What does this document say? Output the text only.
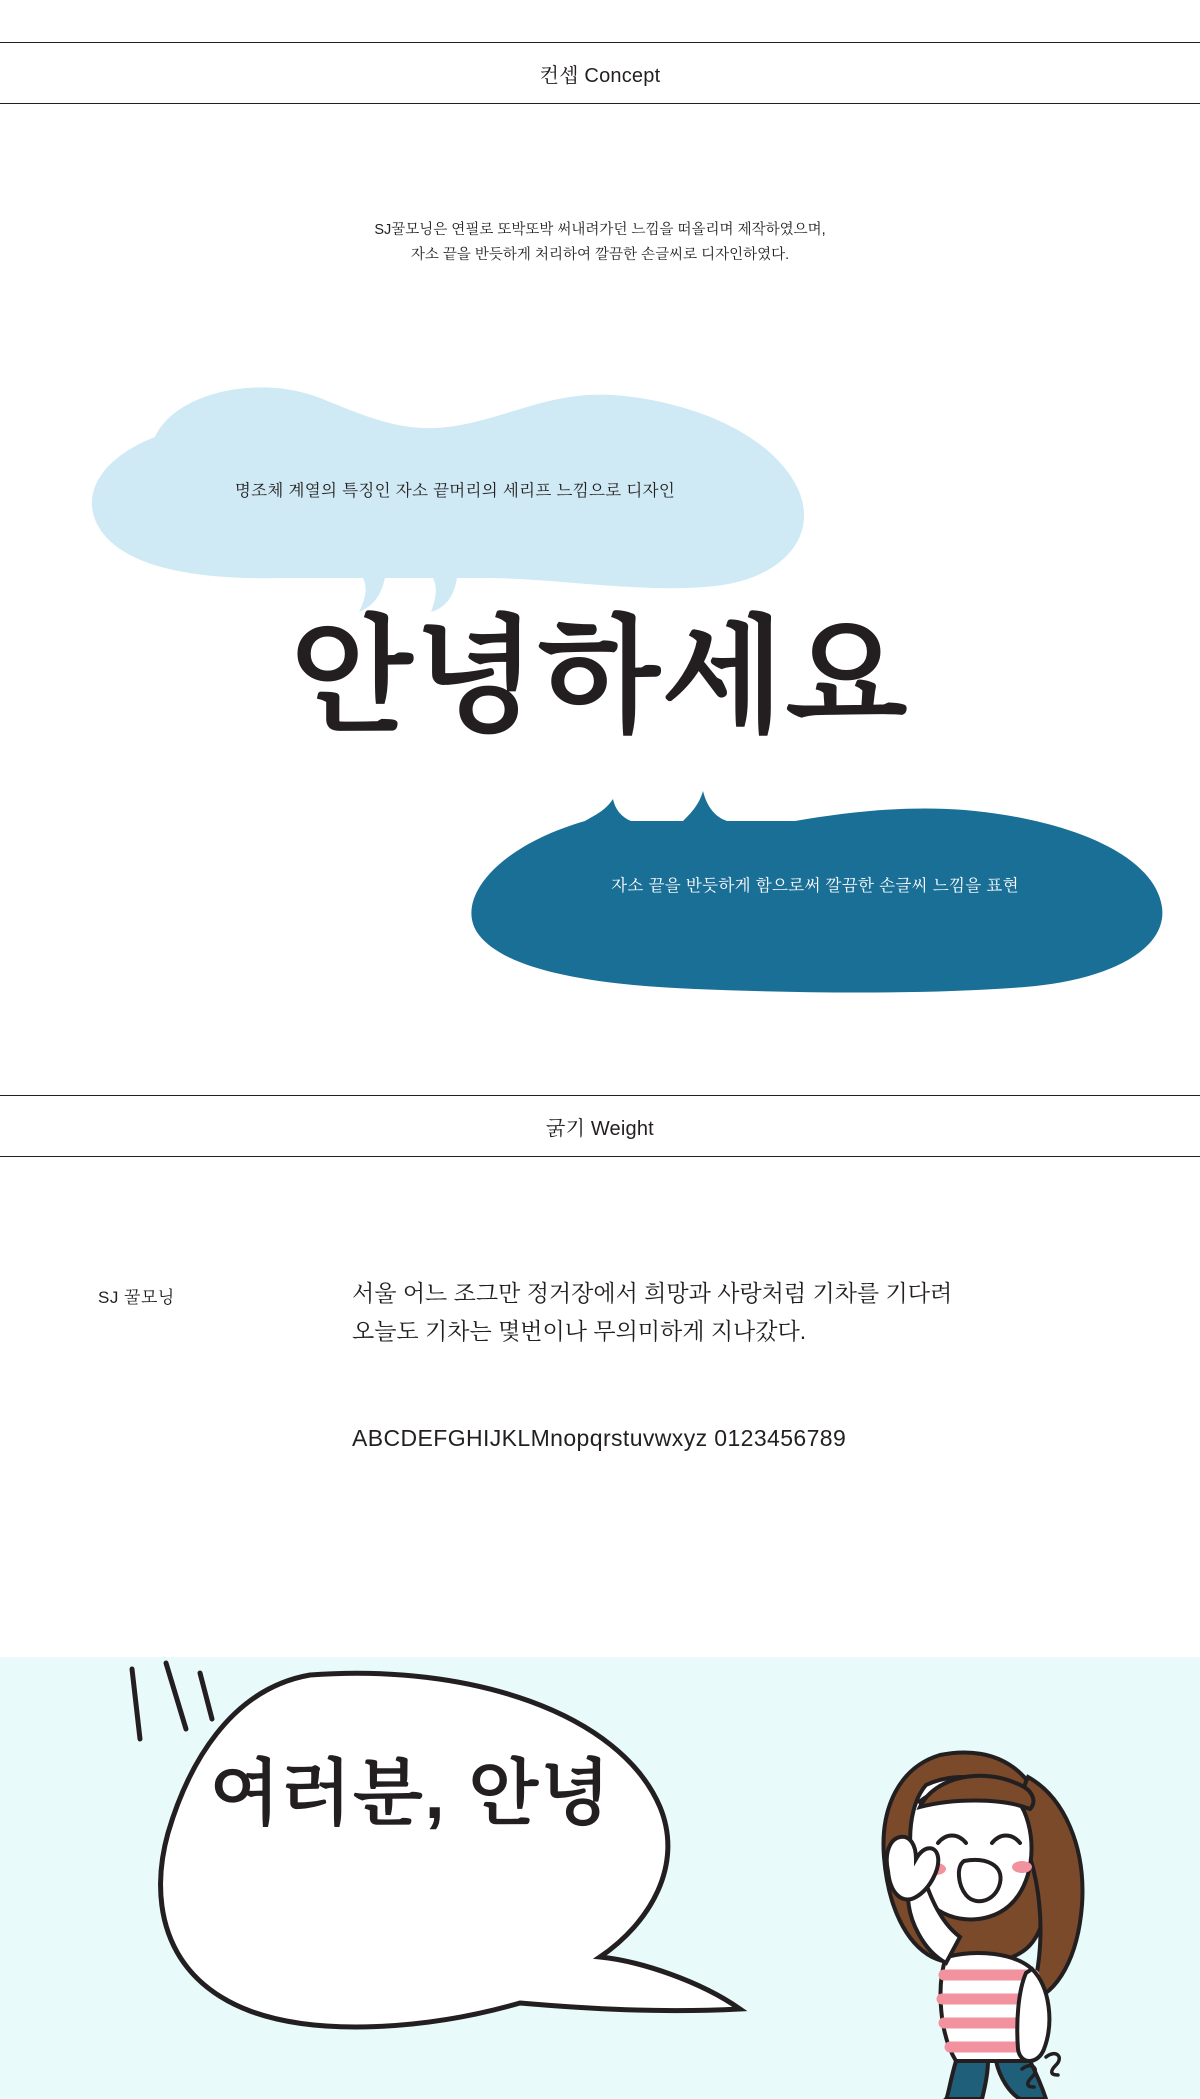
컨셉 Concept
SJ꿀모닝은 연필로 또박또박 써내려가던 느낌을 떠올리며 제작하였으며,
자소 끝을 반듯하게 처리하여 깔끔한 손글씨로 디자인하였다.
명조체 계열의 특징인 자소 끝머리의 세리프 느낌으로 디자인
안녕하세요
자소 끝을 반듯하게 함으로써 깔끔한 손글씨 느낌을 표현
굵기 Weight
SJ 꿀모닝	서울 어느 조그만 정거장에서 희망과 사랑처럼 기차를 기다려
오늘도 기차는 몇번이나 무의미하게 지나갔다.
ABCDEFGHIJKLMnopqrstuvwxyz 0123456789
여러분, 안녕
